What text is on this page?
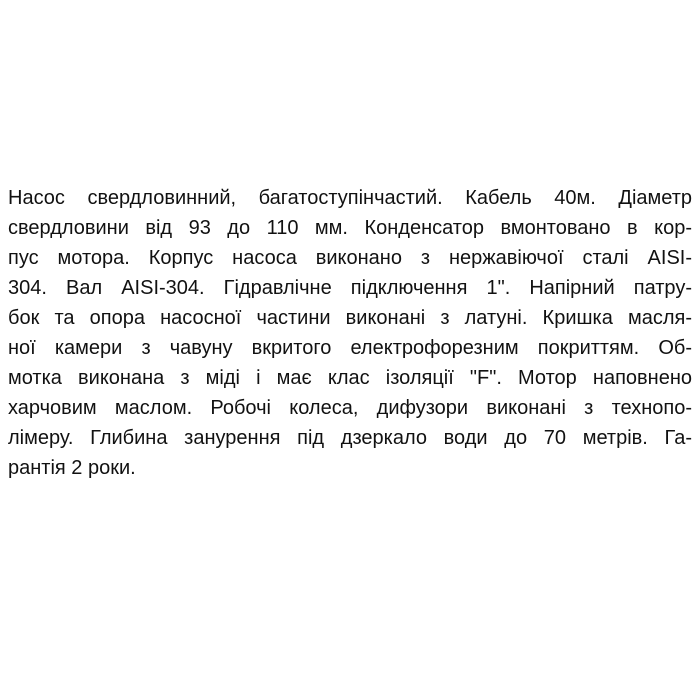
Насос свердловинний, багатоступінчастий. Кабель 40м. Діаметр
свердловини від 93 до 110 мм. Конденсатор вмонтовано в кор-
пус мотора. Корпус насоса виконано з нержавіючої сталі AISI-
304. Вал AISI-304. Гідравлічне підключення 1". Напірний патру-
бок та опора насосної частини виконані з латуні. Кришка масля-
ної камери з чавуну вкритого електрофорезним покриттям. Об-
мотка виконана з міді і має клас ізоляції "F". Мотор наповнено
харчовим маслом. Робочі колеса, дифузори виконані з технопо-
лімеру. Глибина занурення під дзеркало води до 70 метрів. Га-
рантія 2 роки.
